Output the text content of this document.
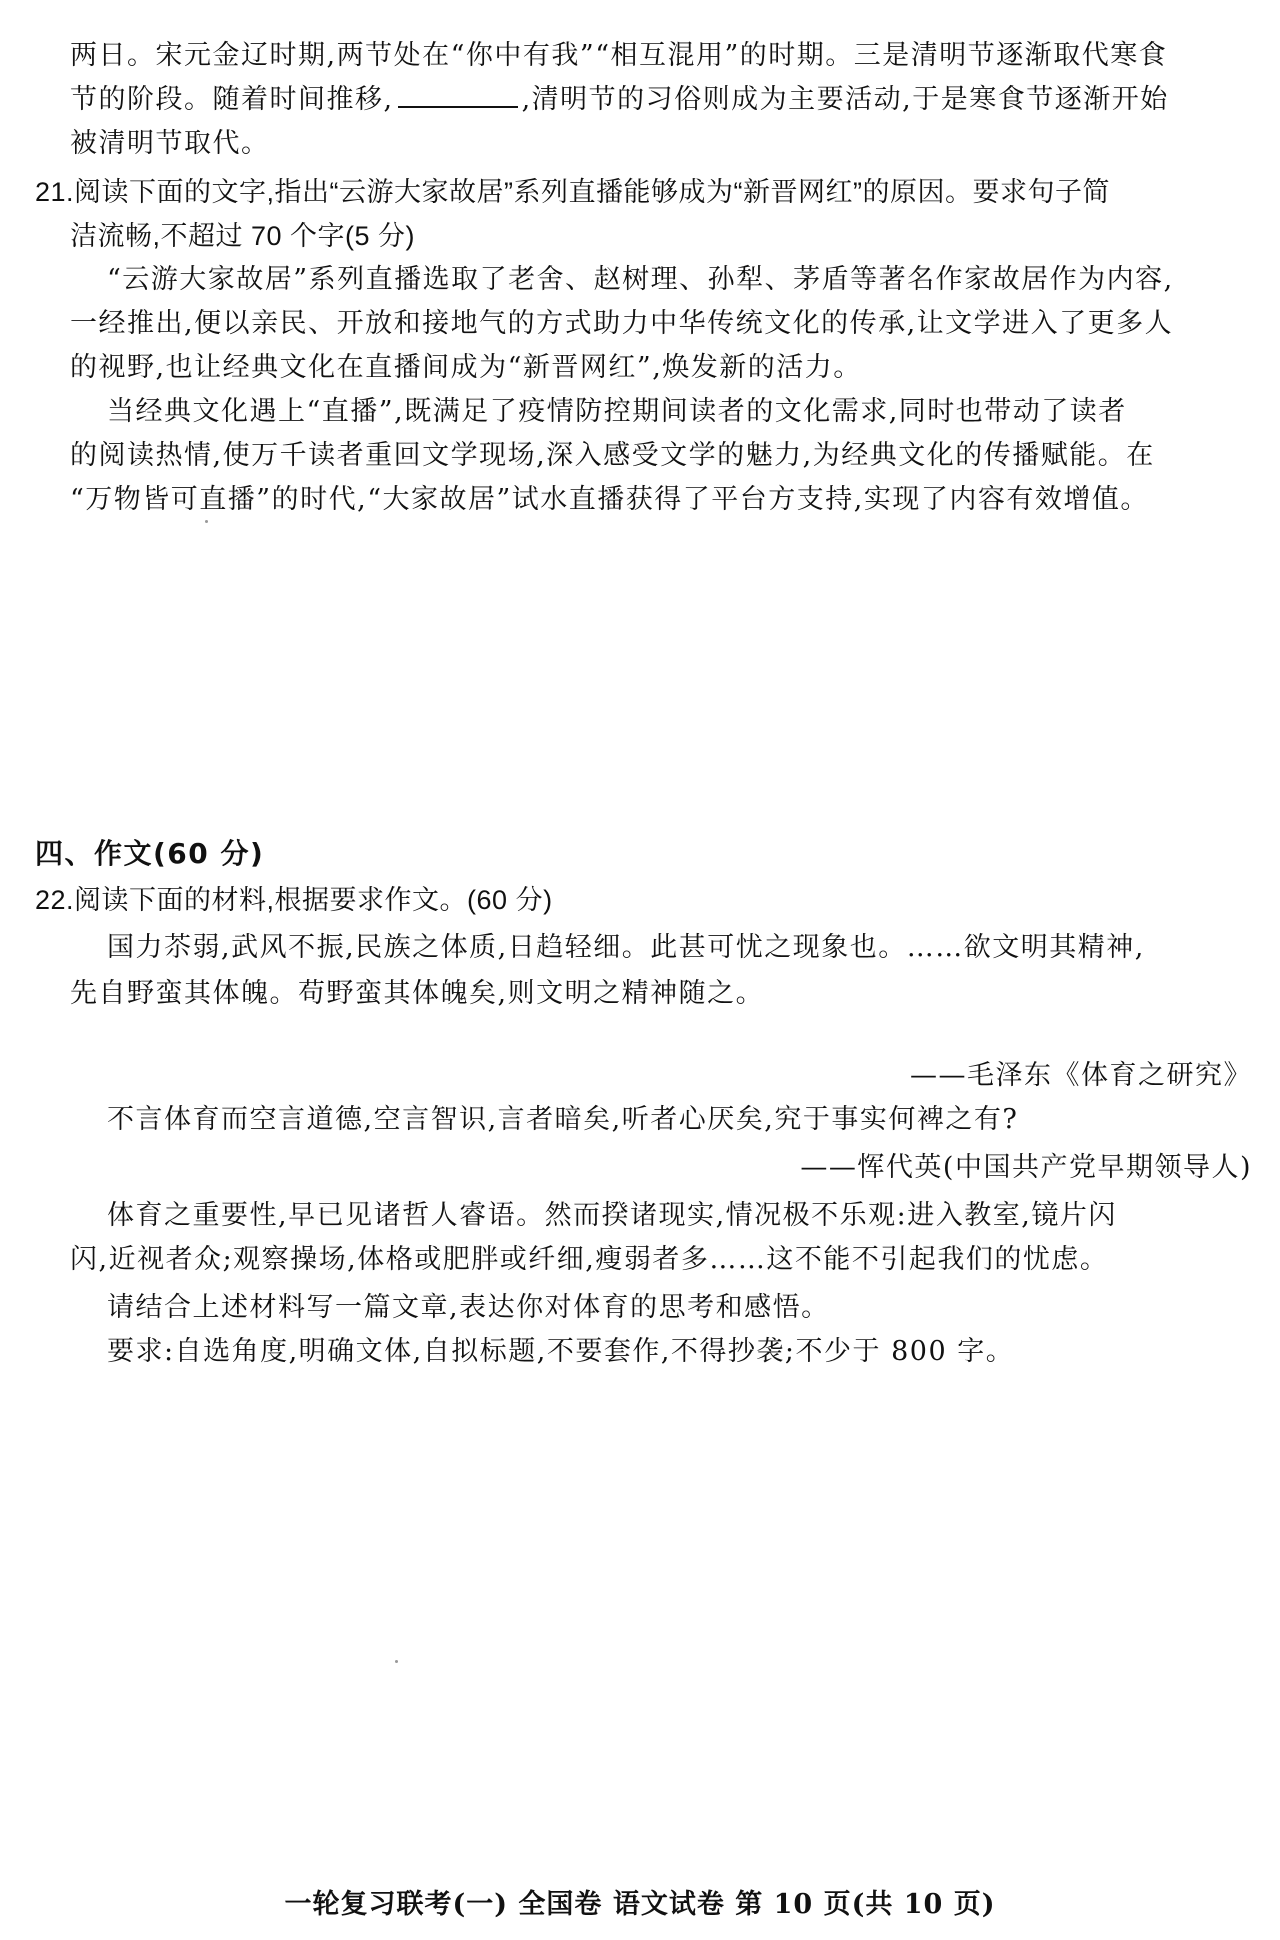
两日。宋元金辽时期,两节处在“你中有我”“相互混用”的时期。三是清明节逐渐取代寒食
节的阶段。随着时间推移,	,清明节的习俗则成为主要活动,于是寒食节逐渐开始
被清明节取代。
21.阅读下面的文字,指出“云游大家故居”系列直播能够成为“新晋网红”的原因。要求句子简
洁流畅,不超过 70 个字(5 分)
“云游大家故居”系列直播选取了老舍、赵树理、孙犁、茅盾等著名作家故居作为内容,
一经推出,便以亲民、开放和接地气的方式助力中华传统文化的传承,让文学进入了更多人
的视野,也让经典文化在直播间成为“新晋网红”,焕发新的活力。
当经典文化遇上“直播”,既满足了疫情防控期间读者的文化需求,同时也带动了读者
的阅读热情,使万千读者重回文学现场,深入感受文学的魅力,为经典文化的传播赋能。在
“万物皆可直播”的时代,“大家故居”试水直播获得了平台方支持,实现了内容有效增值。
四、作文(60 分)
22.阅读下面的材料,根据要求作文。(60 分)
国力苶弱,武风不振,民族之体质,日趋轻细。此甚可忧之现象也。……欲文明其精神,
先自野蛮其体魄。苟野蛮其体魄矣,则文明之精神随之。
——毛泽东《体育之研究》
不言体育而空言道德,空言智识,言者暗矣,听者心厌矣,究于事实何裨之有?
——恽代英(中国共产党早期领导人)
体育之重要性,早已见诸哲人睿语。然而揆诸现实,情况极不乐观:进入教室,镜片闪
闪,近视者众;观察操场,体格或肥胖或纤细,瘦弱者多……这不能不引起我们的忧虑。
请结合上述材料写一篇文章,表达你对体育的思考和感悟。
要求:自选角度,明确文体,自拟标题,不要套作,不得抄袭;不少于 800 字。
一轮复习联考(一) 全国卷 语文试卷 第 10 页(共 10 页)
